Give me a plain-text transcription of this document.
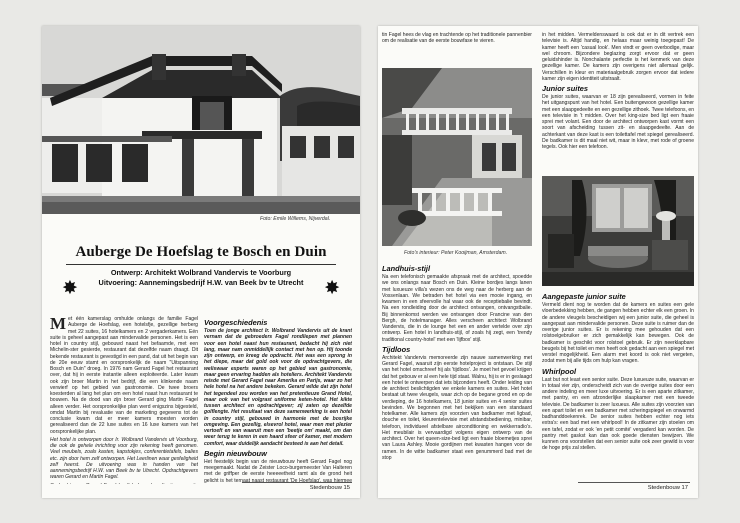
Foto: Emile Willems, Nijverdal.
Auberge De Hoefslag te Bosch en Duin
Ontwerp: Architekt Wolbrand Vandervis te Voorburg
Uitvoering: Aannemingsbedrijf H.W. van Beek bv te Utrecht
✸	✸

Met één kamerslag omhulde onlangs de familie Fagel Auberge de Hoefslag, een hotelsfje, gezellige herberg met 22 suites, 16 hotelkamers en 2 vergaderkamers. Eén suite is geheel aangepast aan mindervalide personen. Het is een hotel in country stijl, gebouwd naast het befaamde, met een Michelin-ster gesierde, restaurant dat dezelfde naam draagt. Dit bekende restaurant is gevestigd in een pand, dat uit het begin van de 20e eeuw stamt en oorspronkelijk de naam "Uitspanning Bosch en Duin" droeg. In 1976 nam Gerard Fagel het restaurant over, dat hij in eerste instantie alleen exploiteerde. Later kwam ook zijn broer Martin in het bedrijf, die een klinkende naam verwierf op het gebied van gastronomie. De twee broers koesterden al lang het plan om een hotel naast hun restaurant te bouwen. Na de dood van zijn broer Gerard ging Martin Fagel alleen verder. Het oorspronkelijke plan werd enigszins bijgesteld, omdat Martin bij revaluatie van de marketing gegevens tot de conclusie kwam dat er meer kamers moesten worden gerealiseerd dan de 22 luxe suites en 16 luxe kamers van het oorspronkelijke plan.

Het hotel is ontworpen door Ir. Wolbrand Vandervis uit Voorburg, die ook de gehele inrichting voor zijn rekening heeft genomen. Veel meubels, zoals kasten, kapstokjes, conferentietafels, balies etc. zijn door hem zelf ontworpen. Het Leerlinen waar gesfeligheid zelf heerst. De uitvoering was in handen van het aannemingsbedrijf H.W. van Beek bv te Utrecht. Opdrachtgevers waren Gerard en Martin Fagel.

Voorgeschiedenis

Toen de jonge architect Ir. Wolbrand Vandervis uit de krant vernam dat de gebroeders Fagel rondliepen met plannen voor een hotel naast hun restaurant, bedacht hij zich niet lang, maar nam onmiddellijk contact met hen op. Hij toonde zijn ontwerp, en kreeg de opdracht. Het was een sprong in het diepe, maar dat gold ook voor de opdrachtgevers, die weliswaar experts waren op het gebied van gastronomie, maar geen ervaring hadden als hoteliers. Architekt Vandervis reisde met Gerard Fagel naar Amerika en Parijs, waar zo het hele hotel na het andere bekeken. Gerard wilde dat zijn hotel het tegendeel zou worden van het pretentieuze Grand Hotel, maar ook van het volgrast uniforme keten-hotel. Het kikte tussen architect en opdrachtgever; zij zaten op dezelfde golflengte. Het resultaat van deze samenwerking is een hotel in country stijl, gebouwd in harmonie met de bosrijke omgeving. Een gezellig, elsevrol hotel, waar men met plezier vertoeft en van waaruit men een 'beetje om' maakt, om dan weer terug te keren in een haard sfeer of kamer, met modern comfort, waar duidelijk aandacht besteed is aan het detail.

Begin nieuwbouw

Het feestelijk begin van de nieuwbouw heeft Gerard Fagel nog meegemaakt. Nadat de Zeister Loco-burgemeester Van Halteren met de griffper de eerste heeeeetheid ramt als de grond heit gelicht is het ternaat naast restaurant 'De Hoefslag', was hiermee

Stedenbouw 15

tin Fagel hees de vlag en trachtende op het traditionele pannenbier om de realisatie van de eerste bouwfase te vieren.

Foto's interieur: Peter Kooijman, Amsterdam.
Landhuis-stijl

Na een telefonisch gemaakte afspraak met de architect, spoedde we ons onlangs naar Bosch en Duin. Kleine bordjes langs lanen met luxueuze villa's wezen ons de weg naar de herberg aan de Vossenlaan. We betraden het hotel via een mooie ingang, en kwamen in een sfeervolle hal waar ook de receptiebalie bevindt. Na een rondleiding door de architect ontvangen, ontvangstbalie. Bij binnenkomst werden we ontvangen door Francine van den Bergh, de hotelmanager. Alles verscheen architect Wolbrand Vandervis, die in de lounge het een en ander vertelde over zijn ontwerp. Een hotel in landhuis-stijl, of zoals hij zegt, een 'trendy traditional country-hotel' met een 'lijfbox' stijl.

Tijdloos

Architekt Vandervis memoreerde zijn nauwe samenwerking met Gerard Fagel, waaruit zijn eerste hotelproject is ontstaan. De stijl van het hotel omschreef hij als 'tijdloos'. Je moet het gevoel krijgen dat het gebouw er al een hele tijd staat. Walnu, hij is er in geslaagd een hotel te ontwerpen dat iets bijzonders heeft. Onder leiding van de architect beslichtigden we enkele kamers en suites. Het hotel bestaat uit twee vleugels, waar zich op de begane grond en op de verdieping, de 16 hotelkamers, 18 junior suites en 4 senior suites bevinden. We begonnen met het bekijken van een standaard hotelkamer. Alle kamers zijn voorzien van badkamer met ligbad, douche en toilet, kleurentelevisie met afstandsbediening, minibar, telefoon, individueel afstelbare airconditioning en wekkerradio's. Het meubilair is vervaardigd volgens eigen ontwerp van de architect. Over het queen-size-bed ligt een fraaie bloemetjes sprei van Laura Ashley. Mooie gordijnen met kwasten hangen voor de ramen. In de witte badkamer staat een genummerd bad met de stop

in het midden. Vermeldenswaard is ook dat er in dit vertrek een televisie is. Altijd handig, en helaas maar weinig toegepast! De kamer heeft een 'casual look'. Men vindt er geen overbodige, maar wel chroom. Bijzondere beglazing zorgt ervoor dat er geen geluidshinder is. Nonchalante perfectie is het kenmerk van deze gezellige kamer. De kamers zijn overigens niet allemaal gelijk. Verschillen in kleur en materiaalgebruik zorgen ervoor dat iedere kamer zijn eigen identiteit uitstraalt.

Junior suites

De junior suites, waarvan er 18 zijn gerealiseerd, vormen in feite het uitgangspunt van het hotel. Een buitengewoon gezellige kamer met een slaapgedeelte en een gezellige zithoek. Twee telefoons, en een televisie in 't midden. Over het king-size bed ligt een fraaie sprei met volant. Een door de architect ontworpen kast vormt een soort van afscheiding tussen zit- en slaapgedeelte. Aan de achterkant van deze kast is een toilettafel met spiegel gerealiseerd. De badkamer is dit maal niet wit, maar in klevr, met rode of groene tegels. Ook hier een telefoon.

Aangepaste junior suite

Vermeld dient nog te worden dat de kamers en suites een gele vloerbedekking hebben, de gangen hebben echter elk een groen. In de andere vleugels bescheidigen wij een junior suite, die geheel is aangepast aan mindervalide personen. Deze suite is ruimer dan de overige junior suites. Er is rekening mee gehouden dat een rolstoelgebruiker er zich gemakkelijk kan bewegen. Ook de badkamer is geschikt voor rolstoel gebruik. Er zijn neerklapbare beugels bij het toilet en men heeft ook gedacht aan een spiegel met verstel mogelijkheid. Een alarm met koord is ook niet vergeten, zodat men bij alle tijds om hulp kan vragen.

Whirlpool

Last but not least een senior suite. Deze luxueuze suite, waarvan er in totaal vier zijn, onderscheidt zich van de overige suites door een andere indeling en meer luxe uitvoering. Er is een aparte zitkamer, met pantry, en een afzonderlijke slaapkamer met een tweede televisie. De badkamer is zeer luxueus. Alle suites zijn voorzien van een apart toilet en een badkamer met scheringspiegel en onwarmd badhanddoekenrek. De senior suites hebben echter nog iets extra's: een bad met een whirlpool! In de zitkamer zijn stoelen om een tafel, zodat er ook 'en petit comité' vergaderd kan worden. De pantry met gaskst kan dan ook goede diensten bewijzen. We kunnen ons voorstellen dat een senior suite ook zeer gewild is voor de hoge prijs zal stellen.

Stedenbouw 17
